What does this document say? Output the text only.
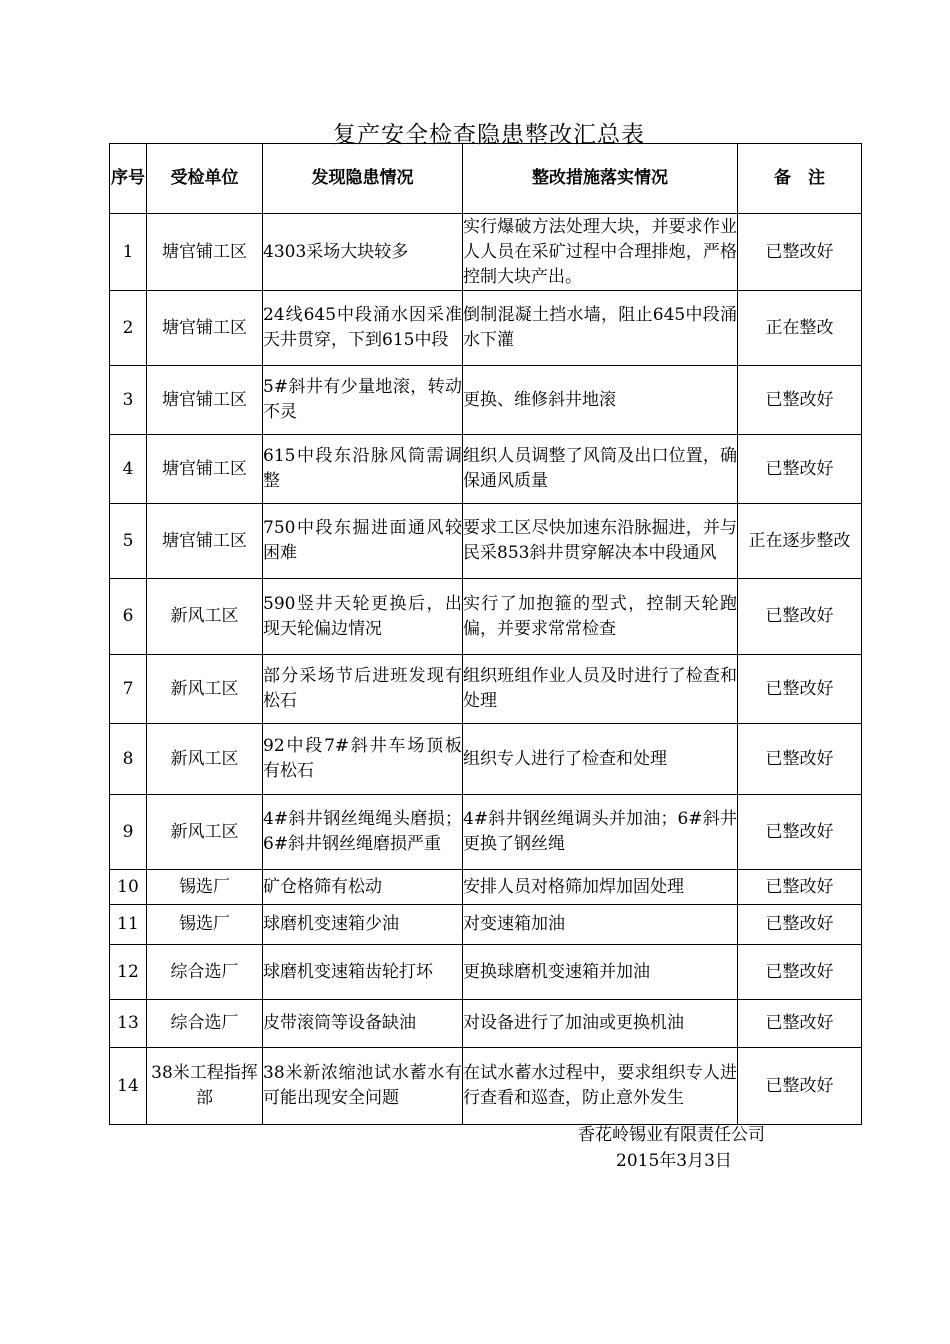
复产安全检查隐患整改汇总表
序号	受检单位	发现隐患情况	整改措施落实情况	备　注
1	塘官铺工区	4303采场大块较多	实行爆破方法处理大块，并要求作业人人员在采矿过程中合理排炮，严格控制大块产出。	已整改好
2	塘官铺工区	24线645中段涌水因采准天井贯穿，下到615中段	倒制混凝土挡水墙，阻止645中段涌水下灌	正在整改
3	塘官铺工区	5#斜井有少量地滚，转动不灵	更换、维修斜井地滚	已整改好
4	塘官铺工区	615中段东沿脉风筒需调整	组织人员调整了风筒及出口位置，确保通风质量	已整改好
5	塘官铺工区	750中段东掘进面通风较困难	要求工区尽快加速东沿脉掘进，并与民采853斜井贯穿解决本中段通风	正在逐步整改
6	新风工区	590竖井天轮更换后，出现天轮偏边情况	实行了加抱箍的型式，控制天轮跑偏，并要求常常检查	已整改好
7	新风工区	部分采场节后进班发现有松石	组织班组作业人员及时进行了检查和处理	已整改好
8	新风工区	92中段7#斜井车场顶板有松石	组织专人进行了检查和处理	已整改好
9	新风工区	4#斜井钢丝绳绳头磨损；6#斜井钢丝绳磨损严重	4#斜井钢丝绳调头并加油；6#斜井更换了钢丝绳	已整改好
10	锡选厂	矿仓格筛有松动	安排人员对格筛加焊加固处理	已整改好
11	锡选厂	球磨机变速箱少油	对变速箱加油	已整改好
12	综合选厂	球磨机变速箱齿轮打坏	更换球磨机变速箱并加油	已整改好
13	综合选厂	皮带滚筒等设备缺油	对设备进行了加油或更换机油	已整改好
14	38米工程指挥部	38米新浓缩池试水蓄水有可能出现安全问题	在试水蓄水过程中，要求组织专人进行查看和巡查，防止意外发生	已整改好
香花岭锡业有限责任公司
2015年3月3日
